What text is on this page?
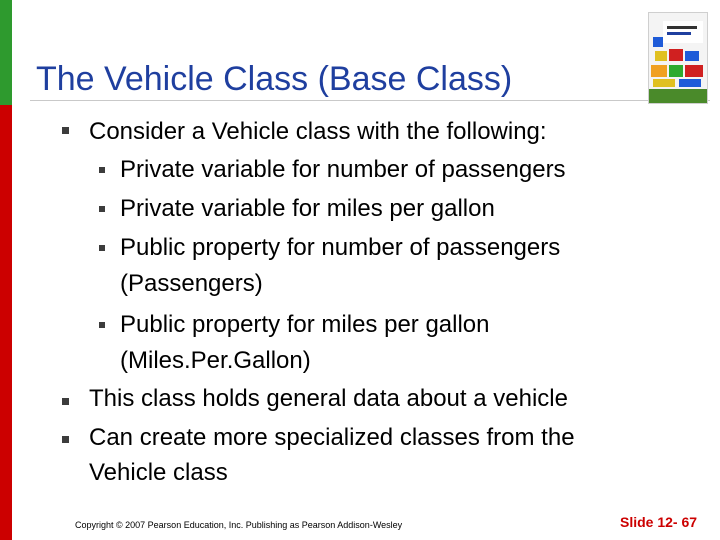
The Vehicle Class (Base Class)
Consider a Vehicle class with the following:
Private variable for number of passengers
Private variable for miles per gallon
Public property for number of passengers
(Passengers)
Public property for miles per gallon
(Miles.Per.Gallon)
This class holds general data about a vehicle
Can create more specialized classes from the
Vehicle class
Copyright © 2007 Pearson Education, Inc. Publishing as Pearson Addison-Wesley	Slide 12- 67
